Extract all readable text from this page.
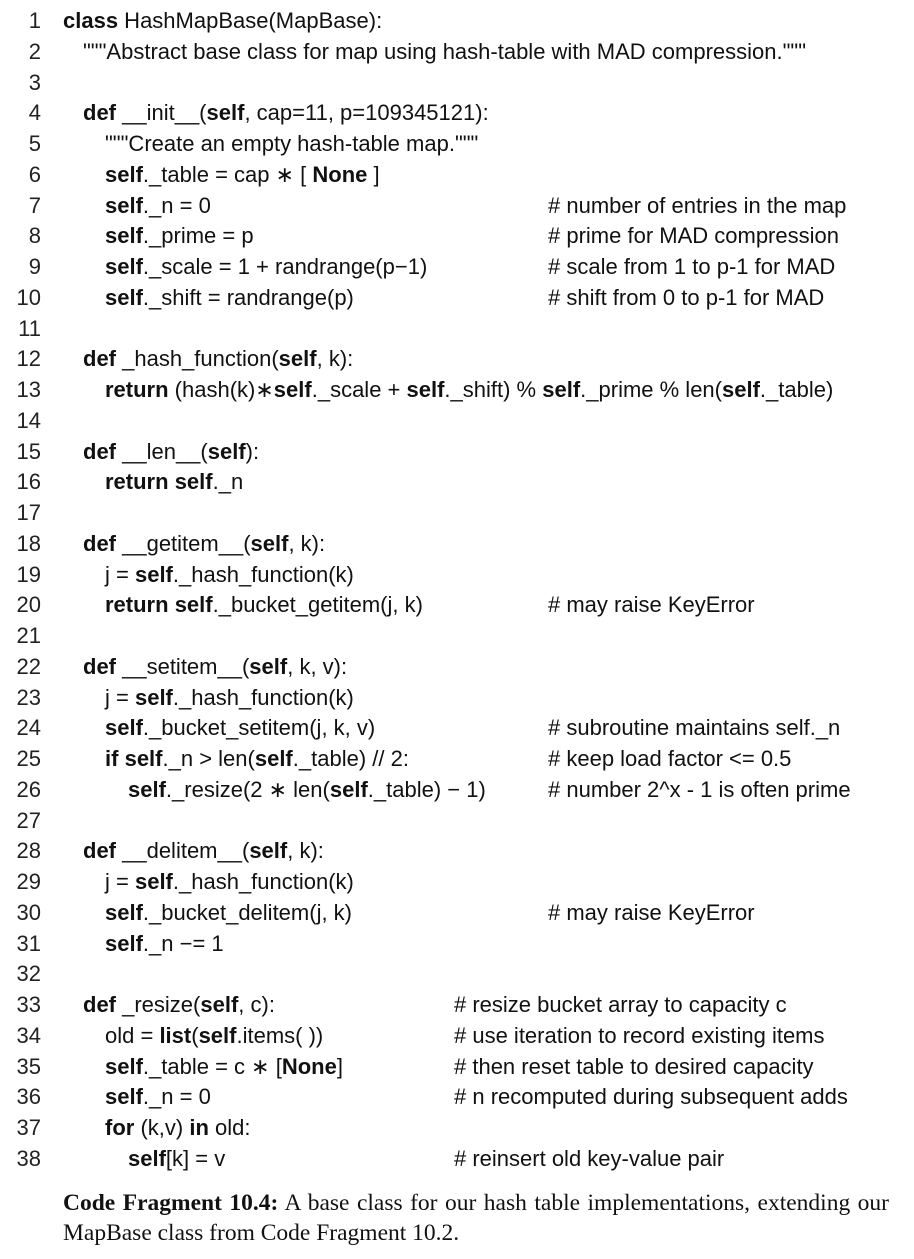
1 class HashMapBase(MapBase):
2 """Abstract base class for map using hash-table with MAD compression."""
3
4 def __init__(self, cap=11, p=109345121):
5	"""Create an empty hash-table map."""
6	self._table = cap ∗ [ None ]
7	self._n = 0	# number of entries in the map
8	self._prime = p	# prime for MAD compression
9	self._scale = 1 + randrange(p−1)	# scale from 1 to p-1 for MAD
10	self._shift = randrange(p)	# shift from 0 to p-1 for MAD
11
12 def _hash_function(self, k):
13	return (hash(k)∗self._scale + self._shift) % self._prime % len(self._table)
14
15 def __len__(self):
16	return self._n
17
18 def __getitem__(self, k):
19	j = self._hash_function(k)
20	return self._bucket_getitem(j, k)	# may raise KeyError
21
22 def __setitem__(self, k, v):
23	j = self._hash_function(k)
24	self._bucket_setitem(j, k, v)	# subroutine maintains self._n
25	if self._n > len(self._table) // 2:	# keep load factor <= 0.5
26	self._resize(2 ∗ len(self._table) − 1)	# number 2^x - 1 is often prime
27
28 def __delitem__(self, k):
29	j = self._hash_function(k)
30	self._bucket_delitem(j, k)	# may raise KeyError
31	self._n −= 1
32
33 def _resize(self, c):	# resize bucket array to capacity c
34	old = list(self.items( ))	# use iteration to record existing items
35	self._table = c ∗ [None]	# then reset table to desired capacity
36	self._n = 0	# n recomputed during subsequent adds
37	for (k,v) in old:
38	self[k] = v	# reinsert old key-value pair
Code Fragment 10.4: A base class for our hash table implementations, extending our MapBase class from Code Fragment 10.2.
